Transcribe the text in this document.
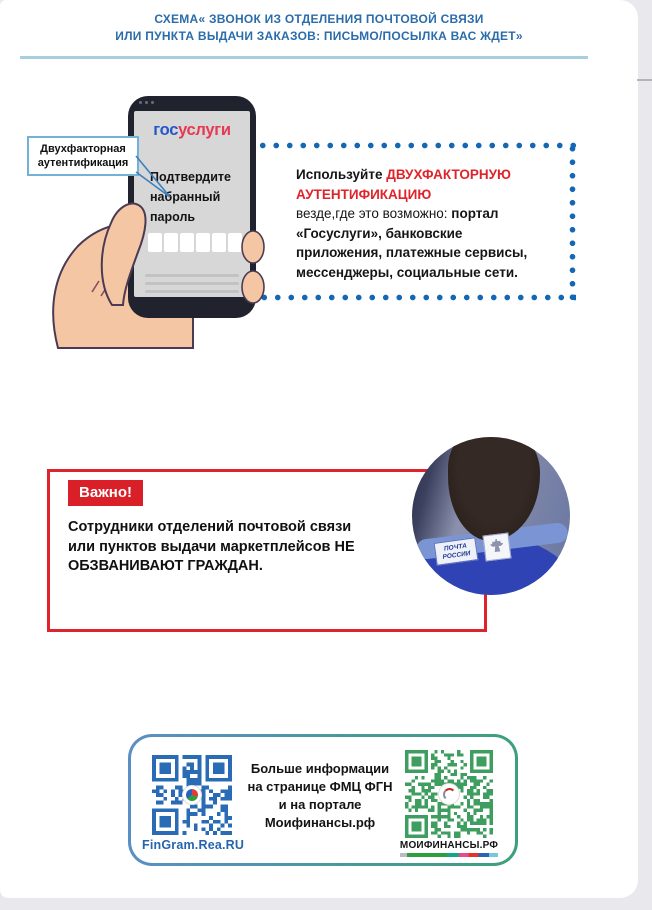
СХЕМА« ЗВОНОК ИЗ ОТДЕЛЕНИЯ ПОЧТОВОЙ СВЯЗИ
ИЛИ ПУНКТА ВЫДАЧИ ЗАКАЗОВ: ПИСЬМО/ПОСЫЛКА ВАС ЖДЕТ»
госуслуги
Подтвердите набранный пароль
Двухфакторная аутентификация
Используйте ДВУХФАКТОРНУЮ АУТЕНТИФИКАЦИЮ
везде,где это возможно: портал «Госуслуги», банковские приложения, платежные сервисы, мессенджеры, социальные сети.
Важно!
Сотрудники отделений почтовой связи или пунктов выдачи маркетплейсов НЕ ОБЗВАНИВАЮТ ГРАЖДАН.
ПОЧТА РОССИИ
FinGram.Rea.RU
Больше информации на странице ФМЦ ФГН и на портале Моифинансы.рф
МОИФИНАНСЫ.РФ
